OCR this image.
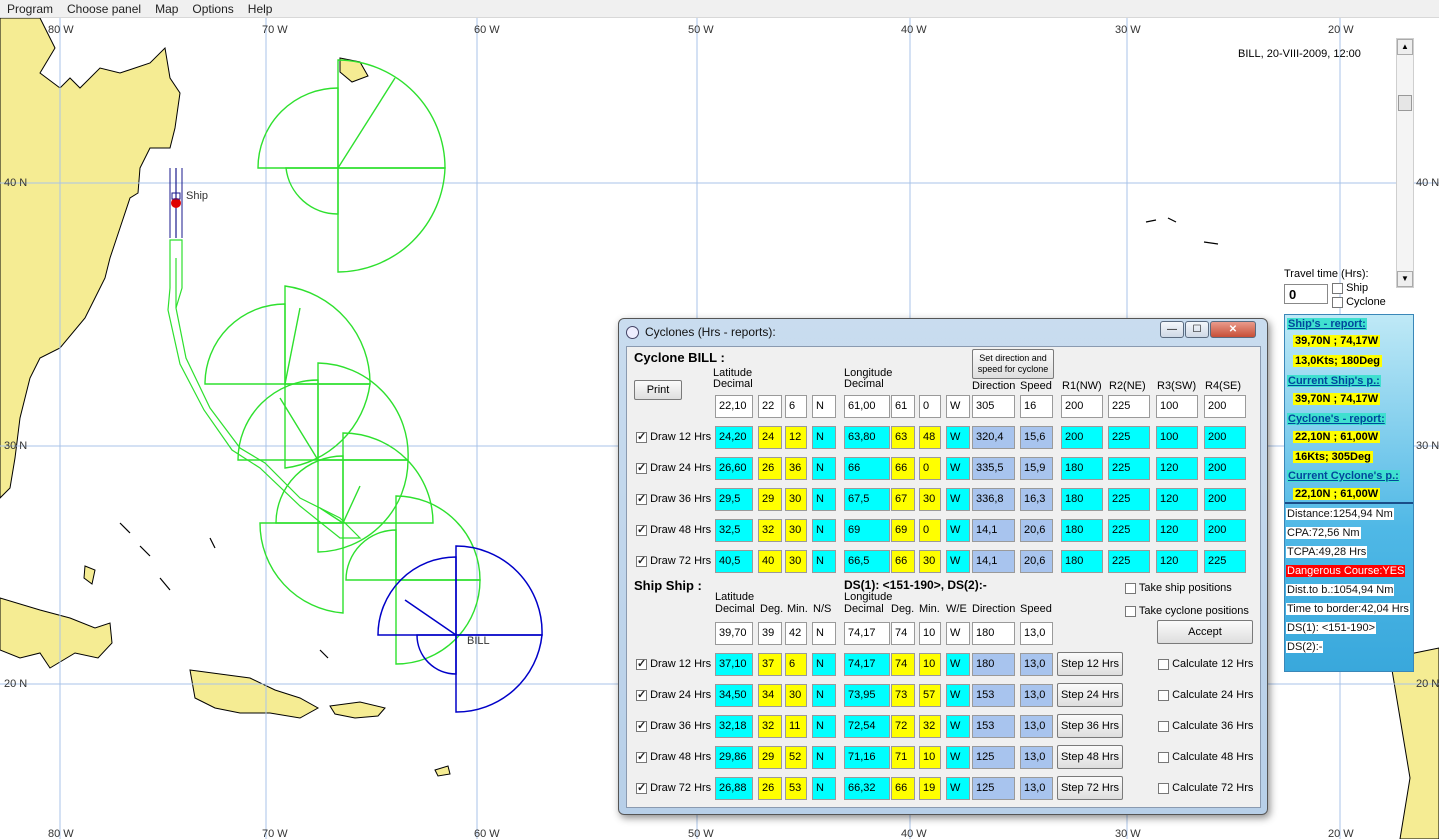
Program	Choose panel	Map	Options	Help
80 W	70 W	60 W	50 W	40 W	30 W	20 W
80 W	70 W	60 W	50 W	40 W	30 W	20 W
40 N
30 N
20 N
40 N
30 N
20 N
Ship
BILL
BILL, 20-VIII-2009, 12:00
▲
▼
Travel time (Hrs):
0	Ship
Cyclone
Ship's - report:
39,70N ; 74,17W
13,0Kts; 180Deg
Current Ship's p.:
39,70N ; 74,17W
Cyclone's - report:
22,10N ; 61,00W
16Kts; 305Deg
Current Cyclone's p.:
22,10N ; 61,00W
Distance:1254,94 Nm
CPA:72,56 Nm
TCPA:49,28 Hrs
Dangerous Course:YES
Dist.to b.:1054,94 Nm
Time to border:42,04 Hrs
DS(1): <151-190>
DS(2):-
Cyclones (Hrs - reports):	—	☐	✕
Cyclone BILL :
Print
Set direction and speed for cyclone
Latitude
Decimal
Longitude
Decimal	Direction Speed R1(NW) R2(NE) R3(SW) R4(SE)
22,10	22	6	N	61,00	61	0	W	305	16	200	225	100	200
✓ Draw 12 Hrs 24,20	24	12	N	63,80	63	48	W	320,4	15,6	200	225	100	200
✓ Draw 24 Hrs 26,60	26	36	N	66	66	0	W	335,5	15,9	180	225	120	200
✓ Draw 36 Hrs 29,5	29	30	N	67,5	67	30	W	336,8	16,3	180	225	120	200
✓ Draw 48 Hrs 32,5	32	30	N	69	69	0	W	14,1	20,6	180	225	120	200
✓ Draw 72 Hrs 40,5	40	30	N	66,5	66	30	W	14,1	20,6	180	225	120	225
Ship Ship :	DS(1): <151-190>, DS(2):-	Take ship positions
Take cyclone positions
Accept
Latitude
Decimal Deg. Min. N/S
Longitude
Decimal Deg. Min. W/E Direction Speed
39,70	39	42	N	74,17	74	10	W	180	13,0
✓ Draw 12 Hrs 37,10	37	6	N	74,17	74	10	W	180	13,0	Step 12 Hrs	Calculate 12 Hrs
✓ Draw 24 Hrs 34,50	34	30	N	73,95	73	57	W	153	13,0	Step 24 Hrs	Calculate 24 Hrs
✓ Draw 36 Hrs 32,18	32	11	N	72,54	72	32	W	153	13,0	Step 36 Hrs	Calculate 36 Hrs
✓ Draw 48 Hrs 29,86	29	52	N	71,16	71	10	W	125	13,0	Step 48 Hrs	Calculate 48 Hrs
✓ Draw 72 Hrs 26,88	26	53	N	66,32	66	19	W	125	13,0	Step 72 Hrs	Calculate 72 Hrs
